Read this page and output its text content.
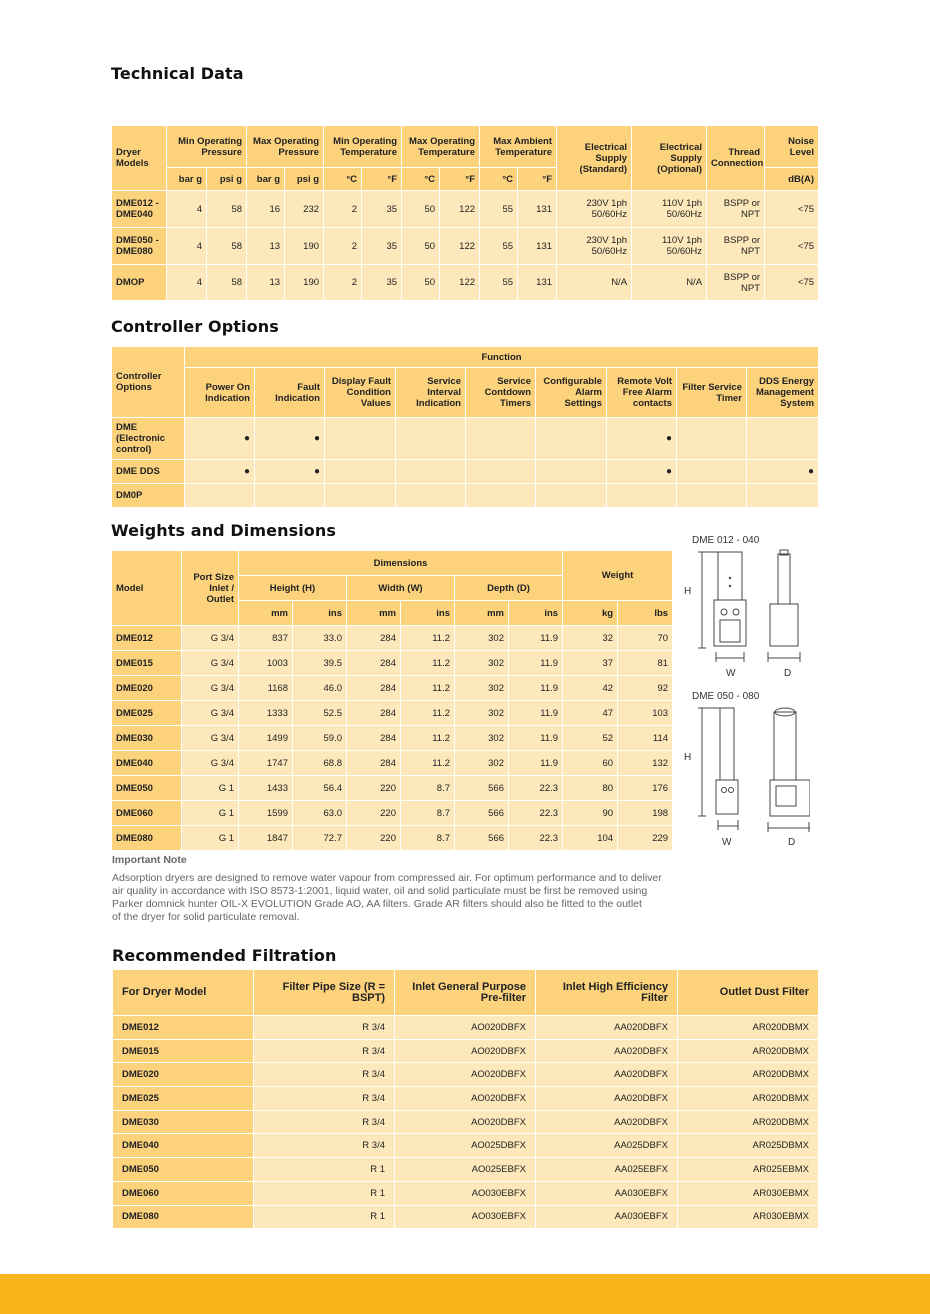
Technical Data
Dryer Models	Min Operating Pressure		Max Operating Pressure		Min Operating Temperature		Max Operating Temperature		Max Ambient Temperature		Electrical Supply (Standard)	Electrical Supply (Optional)	Thread Connection	Noise Level
	bar g	psi g	bar g	psi g	°C	°F	°C	°F	°C	°F				dB(A)
DME012 - DME040	4	58	16	232	2	35	50	122	55	131	230V 1ph 50/60Hz	110V 1ph 50/60Hz	BSPP or NPT	<75
DME050 - DME080	4	58	13	190	2	35	50	122	55	131	230V 1ph 50/60Hz	110V 1ph 50/60Hz	BSPP or NPT	<75
DMOP	4	58	13	190	2	35	50	122	55	131	N/A	N/A	BSPP or NPT	<75
Controller Options
Controller Options	Function								
	Power On Indication	Fault Indication	Display Fault Condition Values	Service Interval Indication	Service Contdown Timers	Configurable Alarm Settings	Remote Volt Free Alarm contacts	Filter Service Timer	DDS Energy Management System
DME (Electronic control)	●	●					●		
DME DDS	●	●					●		●
DM0P									
Weights and Dimensions
Model	Port Size Inlet / Outlet	Dimensions						Weight	
		Height (H)		Width (W)		Depth (D)			
		mm	ins	mm	ins	mm	ins	kg	lbs
DME012	G 3/4	837	33.0	284	11.2	302	11.9	32	70
DME015	G 3/4	1003	39.5	284	11.2	302	11.9	37	81
DME020	G 3/4	1168	46.0	284	11.2	302	11.9	42	92
DME025	G 3/4	1333	52.5	284	11.2	302	11.9	47	103
DME030	G 3/4	1499	59.0	284	11.2	302	11.9	52	114
DME040	G 3/4	1747	68.8	284	11.2	302	11.9	60	132
DME050	G 1	1433	56.4	220	8.7	566	22.3	80	176
DME060	G 1	1599	63.0	220	8.7	566	22.3	90	198
DME080	G 1	1847	72.7	220	8.7	566	22.3	104	229
DME 012 - 040
H
W	D
DME 050 - 080
H
W	D
Important Note
Adsorption dryers are designed to remove water vapour from compressed air. For optimum performance and to deliver
air quality in accordance with ISO 8573-1:2001, liquid water, oil and solid particulate must be first be removed using
Parker domnick hunter OIL-X EVOLUTION Grade AO, AA filters. Grade AR filters should also be fitted to the outlet
of the dryer for solid particulate removal.
Recommended Filtration
For Dryer Model	Filter Pipe Size (R = BSPT)	Inlet General Purpose Pre-filter	Inlet High Efficiency Filter	Outlet Dust Filter
DME012	R 3/4	AO020DBFX	AA020DBFX	AR020DBMX
DME015	R 3/4	AO020DBFX	AA020DBFX	AR020DBMX
DME020	R 3/4	AO020DBFX	AA020DBFX	AR020DBMX
DME025	R 3/4	AO020DBFX	AA020DBFX	AR020DBMX
DME030	R 3/4	AO020DBFX	AA020DBFX	AR020DBMX
DME040	R 3/4	AO025DBFX	AA025DBFX	AR025DBMX
DME050	R 1	AO025EBFX	AA025EBFX	AR025EBMX
DME060	R 1	AO030EBFX	AA030EBFX	AR030EBMX
DME080	R 1	AO030EBFX	AA030EBFX	AR030EBMX
